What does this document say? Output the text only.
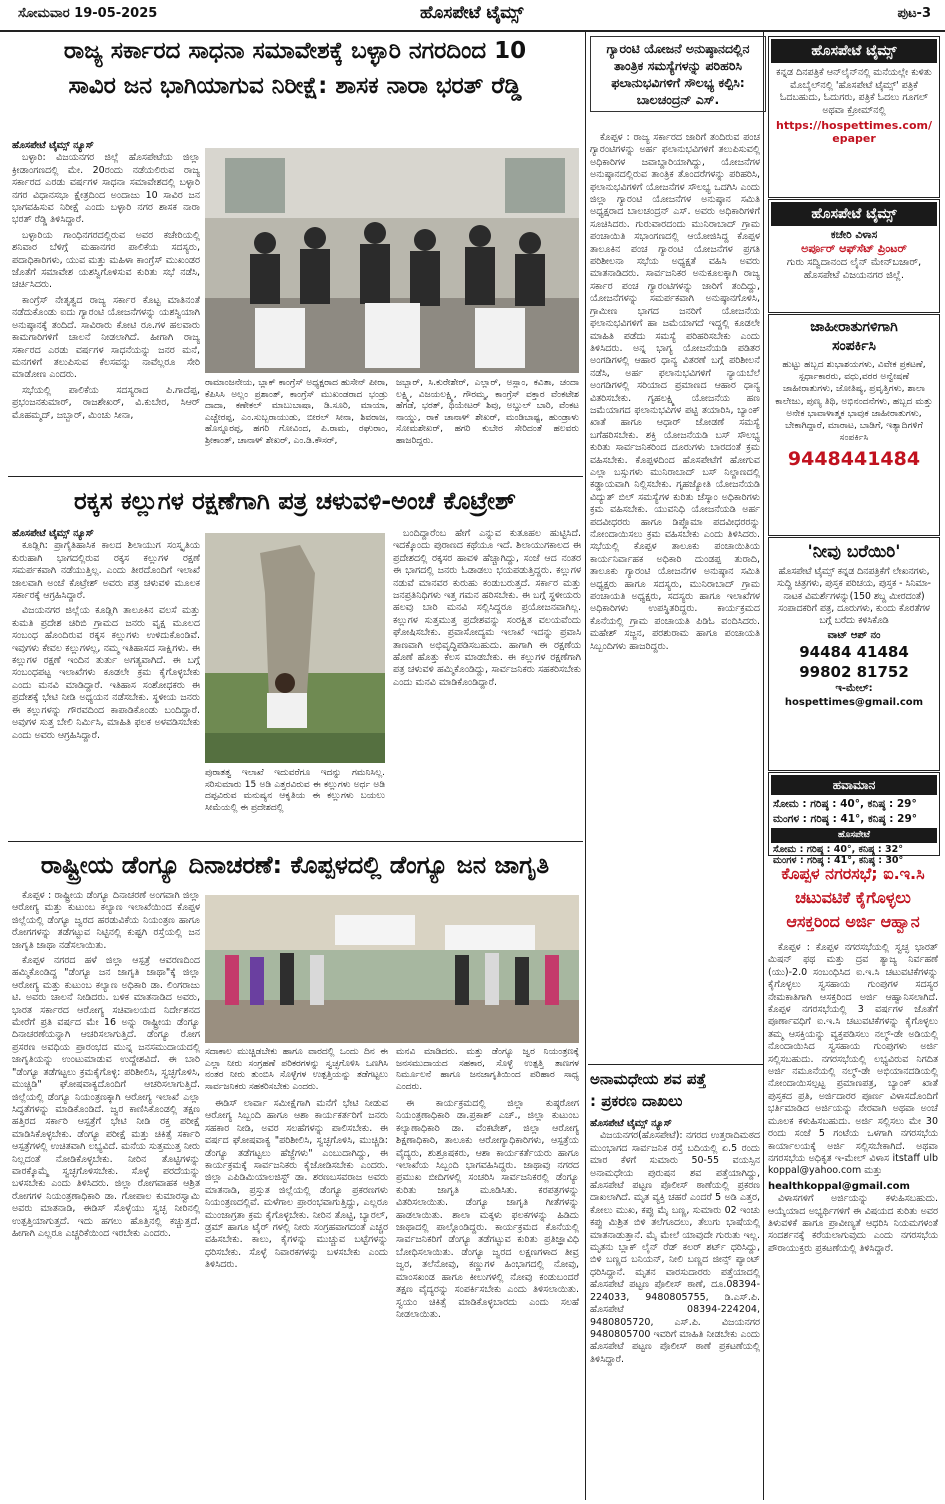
ಸೋಮವಾರ 19-05-2025	ಹೊಸಪೇಟೆ ಟೈಮ್ಸ್	ಪುಟ-3
ರಾಜ್ಯ ಸರ್ಕಾರದ ಸಾಧನಾ ಸಮಾವೇಶಕ್ಕೆ ಬಳ್ಳಾರಿ ನಗರದಿಂದ 10
ಸಾವಿರ ಜನ ಭಾಗಿಯಾಗುವ ನಿರೀಕ್ಷೆ: ಶಾಸಕ ನಾರಾ ಭರತ್ ರೆಡ್ಡಿ
ಹೊಸಪೇಟೆ ಟೈಮ್ಸ್ ನ್ಯೂಸ್

ಬಳ್ಳಾರಿ: ವಿಜಯನಗರ ಜಿಲ್ಲೆ ಹೊಸಪೇಟೆಯ ಜಿಲ್ಲಾ ಕ್ರೀಡಾಂಗಣದಲ್ಲಿ ಮೇ. 20ರಂದು ನಡೆಯಲಿರುವ ರಾಜ್ಯ ಸರ್ಕಾರದ ಎರಡು ವರ್ಷಗಳ ಸಾಧನಾ ಸಮಾವೇಶದಲ್ಲಿ ಬಳ್ಳಾರಿ ನಗರ ವಿಧಾನಸಭಾ ಕ್ಷೇತ್ರದಿಂದ ಅಂದಾಜು 10 ಸಾವಿರ ಜನ ಭಾಗವಹಿಸುವ ನಿರೀಕ್ಷೆ ಎಂದು ಬಳ್ಳಾರಿ ನಗರ ಶಾಸಕ ನಾರಾ ಭರತ್ ರೆಡ್ಡಿ ತಿಳಿಸಿದ್ದಾರೆ.

ಬಳ್ಳಾರಿಯ ಗಾಂಧಿನಗರದಲ್ಲಿರುವ ಅವರ ಕಚೇರಿಯಲ್ಲಿ ಶನಿವಾರ ಬೆಳಿಗ್ಗೆ ಮಹಾನಗರ ಪಾಲಿಕೆಯ ಸದಸ್ಯರು, ಪದಾಧಿಕಾರಿಗಳು, ಯುವ ಮತ್ತು ಮಹಿಳಾ ಕಾಂಗ್ರೆಸ್ ಮುಖಂಡರ ಜೊತೆಗೆ ಸಮಾವೇಶ ಯಶಸ್ವಿಗೊಳಿಸುವ ಕುರಿತು ಸಭೆ ನಡೆಸಿ, ಚರ್ಚಿಸಿದರು.

ಕಾಂಗ್ರೆಸ್ ನೇತೃತ್ವದ ರಾಜ್ಯ ಸರ್ಕಾರ ಕೊಟ್ಟ ಮಾತಿನಂತೆ ನಡೆದುಕೊಂಡು ಐದು ಗ್ಯಾರಂಟಿ ಯೋಜನೆಗಳನ್ನು ಯಶಸ್ವಿಯಾಗಿ ಅನುಷ್ಠಾನಕ್ಕೆ ತಂದಿದೆ. ಸಾವಿರಾರು ಕೋಟಿ ರೂ.ಗಳ ಹಲವಾರು ಕಾಮಗಾರಿಗಳಿಗೆ ಚಾಲನೆ ನೀಡಲಾಗಿದೆ. ಹೀಗಾಗಿ ರಾಜ್ಯ ಸರ್ಕಾರದ ಎರಡು ವರ್ಷಗಳ ಸಾಧನೆಯನ್ನು ಜನರ ಮನೆ, ಮನಗಳಿಗೆ ತಲುಪಿಸುವ ಕೆಲಸವನ್ನು ನಾವೆಲ್ಲರೂ ಸೇರಿ ಮಾಡೋಣ ಎಂದರು.

ಸಭೆಯಲ್ಲಿ ಪಾಲಿಕೆಯ ಸದಸ್ಯರಾದ ಪಿ.ಗಾದೆಪ್ಪ, ಪ್ರಭಂಜನಕುಮಾರ್, ರಾಜಶೇಖರ್, ವಿ.ಕುಬೇರ, ಸಿಆರ್ ಮೊಹಮ್ಮದ್, ಜಬ್ಬಾರ್, ಮಿಂಚು ಸೀನಾ,

ರಾಮಾಂಜನೇಯ, ಬ್ಲಾಕ್ ಕಾಂಗ್ರೆಸ್ ಅಧ್ಯಕ್ಷರಾದ ಹುಸೇನ್ ಪೀರಾ, ಕೆಪಿಸಿಸಿ ಅಲ್ಲಂ ಪ್ರಶಾಂತ್, ಕಾಂಗ್ರೆಸ್ ಮುಖಂಡರಾದ ಭಂಡ್ರು ದಾದಾ, ಕಣೇಕಲ್ ಮಾಬುಬಾಷಾ, ಡಿ.ಸೂರಿ, ಮಾಯಾ, ಎಚ್ಚೇರಪ್ಪ, ಎಂ.ಸುಬ್ಬರಾಯುಡು, ಬೀರಲ್ ಸೀನಾ, ಶಿವರಾಜ, ಹೊನ್ನೂರಪ್ಪ, ಹಗರಿ ಗೋವಿಂದ, ಪಿ.ರಾಮ, ರಘುರಾಂ, ಶ್ರೀಕಾಂತ್, ಚಾನಾಳ್ ಶೇಖರ್, ಎಂ.ಡಿ.ಕೌಸರ್,
ಜಬ್ಬಾರ್, ಸಿ.ಕುರೇಶೇರ್, ಎಲ್ಲಾರ್, ಅಸ್ಲಾಂ, ಕವಿತಾ, ಚಂದಾ ಲಕ್ಷ್ಮಿ, ವಿಜಯಲಕ್ಷ್ಮಿ, ಗೌರಮ್ಮ, ಕಾಂಗ್ರೆಸ್ ವಕ್ತಾರ ವೆಂಕಟೇಶ ಹೆಗಡೆ, ಭರತ್, ಥಿಯೇಟರ್ ಶಿವು, ಅಬ್ದುಲ್ ಬಾರಿ, ವೆಂಕಟ ನಾಯ್ಡು, ರಾಕೆ ಚಾನಾಳ್ ಶೇಖರ್, ಮಂಡಿಬಾಷ್ಟ, ಹುಂಡ್ರಾಳು ಸೋಮಶೇಖರ್, ಹಗರಿ ಕುಬೇರ ಸೇರಿದಂತೆ ಹಲವರು ಹಾಜರಿದ್ದರು.
ರಕ್ಕಸ ಕಲ್ಲುಗಳ ರಕ್ಷಣೆಗಾಗಿ ಪತ್ರ ಚಳುವಳಿ-ಅಂಚೆ ಕೊಟ್ರೇಶ್
ಹೊಸಪೇಟೆ ಟೈಮ್ಸ್ ನ್ಯೂಸ್

ಕೂಡ್ಲಿಗಿ: ಪ್ರಾಗೈತಿಹಾಸಿಕ ಕಾಲದ ಶಿಲಾಯುಗ ಸಂಸ್ಕೃತಿಯ ಕುರುಹಾಗಿ ಭಾಗದಲ್ಲಿರುವ ರಕ್ಕಸ ಕಲ್ಲುಗಳ ರಕ್ಷಣೆ ಸಮರ್ಪಕವಾಗಿ ನಡೆಯುತ್ತಿಲ್ಲ. ಎಂದು ತೀರದೊಂದಿಗೆ ಇಲಾಖೆ ಜಾಲವಾಗಿ ಅಂಚೆ ಕೊಟ್ರೇಶ್ ಅವರು ಪತ್ರ ಚಳುವಳಿ ಮೂಲಕ ಸರ್ಕಾರಕ್ಕೆ ಆಗ್ರಹಿಸಿದ್ದಾರೆ.

ವಿಜಯನಗರ ಜಿಲ್ಲೆಯ ಕೂಡ್ಲಿಗಿ ತಾಲೂಕಿನ ವಲಸೆ ಮತ್ತು ಕುಮತಿ ಪ್ರದೇಶ ಚಿರಿಬಿ ಗ್ರಾಮದ ಜನರು ವೃಕ್ಷ ಮೂಲದ ಸಂಬಂಧ ಹೊಂದಿರುವ ರಕ್ಕಸ ಕಲ್ಲುಗಳು ಉಳಿದುಕೊಂಡಿವೆ. ಇವುಗಳು ಕೇವಲ ಕಲ್ಲುಗಳಲ್ಲ, ನಮ್ಮ ಇತಿಹಾಸದ ಸಾಕ್ಷಿಗಳು. ಈ ಕಲ್ಲುಗಳ ರಕ್ಷಣೆ ಇಂದಿನ ತುರ್ತು ಅಗತ್ಯವಾಗಿದೆ. ಈ ಬಗ್ಗೆ ಸಂಬಂಧಪಟ್ಟ ಇಲಾಖೆಗಳು ಕೂಡಲೇ ಕ್ರಮ ಕೈಗೊಳ್ಳಬೇಕು ಎಂದು ಮನವಿ ಮಾಡಿದ್ದಾರೆ. ಇತಿಹಾಸ ಸಂಶೋಧಕರು ಈ ಪ್ರದೇಶಕ್ಕೆ ಭೇಟಿ ನೀಡಿ ಅಧ್ಯಯನ ನಡೆಸಬೇಕು. ಸ್ಥಳೀಯ ಜನರು ಈ ಕಲ್ಲುಗಳನ್ನು ಗೌರವದಿಂದ ಕಾಪಾಡಿಕೊಂಡು ಬಂದಿದ್ದಾರೆ. ಅವುಗಳ ಸುತ್ತ ಬೇಲಿ ನಿರ್ಮಿಸಿ, ಮಾಹಿತಿ ಫಲಕ ಅಳವಡಿಸಬೇಕು ಎಂದು ಅವರು ಆಗ್ರಹಿಸಿದ್ದಾರೆ.

ಪುರಾತತ್ವ ಇಲಾಖೆ ಇದುವರೆಗೂ ಇದನ್ನು ಗಮನಿಸಿಲ್ಲ. ಸರಿಸುಮಾರು 15 ಅಡಿ ಎತ್ತರವಿರುವ ಈ ಕಲ್ಲುಗಳು ಅರ್ಧ ಅಡಿ ದಪ್ಪವಿರುವ ಮನುಷ್ಯನ ಆಕೃತಿಯ ಈ ಕಲ್ಲುಗಳು ಬಯಲು ಸೀಮೆಯಲ್ಲಿ ಈ ಪ್ರದೇಶದಲ್ಲಿ

ಬಂದಿದ್ದಾರೆಂಬ ಹೇಗೆ ಎನ್ನುವ ಕುತೂಹಲ ಹುಟ್ಟಿಸಿದೆ. ಇದಕ್ಕೊಂದು ಪುರಾಣದ ಕಥೆಯೂ ಇದೆ. ಶಿಲಾಯುಗಕಾಲದ ಈ ಪ್ರದೇಶದಲ್ಲಿ ರಕ್ಕಸರ ಹಾವಳಿ ಹೆಚ್ಚಾಗಿದ್ದು, ಸಂಜೆ ಆದ ನಂತರ ಈ ಭಾಗದಲ್ಲಿ ಜನರು ಓಡಾಡಲು ಭಯಪಡುತ್ತಿದ್ದರು. ಕಲ್ಲುಗಳ ನಡುವೆ ಮಾನವರ ಕುರುಹು ಕಂಡುಬರುತ್ತದೆ. ಸರ್ಕಾರ ಮತ್ತು ಜನಪ್ರತಿನಿಧಿಗಳು ಇತ್ತ ಗಮನ ಹರಿಸಬೇಕು. ಈ ಬಗ್ಗೆ ಸ್ಥಳೀಯರು ಹಲವು ಬಾರಿ ಮನವಿ ಸಲ್ಲಿಸಿದ್ದರೂ ಪ್ರಯೋಜನವಾಗಿಲ್ಲ. ಕಲ್ಲುಗಳ ಸುತ್ತಮುತ್ತ ಪ್ರದೇಶವನ್ನು ಸಂರಕ್ಷಿತ ವಲಯವೆಂದು ಘೋಷಿಸಬೇಕು. ಪ್ರವಾಸೋದ್ಯಮ ಇಲಾಖೆ ಇದನ್ನು ಪ್ರವಾಸಿ ತಾಣವಾಗಿ ಅಭಿವೃದ್ಧಿಪಡಿಸಬಹುದು. ಹಾಗಾಗಿ ಈ ರಕ್ಷಣೆಯ ಹೊಣೆ ಹೊತ್ತು ಕೆಲಸ ಮಾಡಬೇಕು. ಈ ಕಲ್ಲುಗಳ ರಕ್ಷಣೆಗಾಗಿ ಪತ್ರ ಚಳುವಳಿ ಹಮ್ಮಿಕೊಂಡಿದ್ದು, ಸಾರ್ವಜನಿಕರು ಸಹಕರಿಸಬೇಕು ಎಂದು ಮನವಿ ಮಾಡಿಕೊಂಡಿದ್ದಾರೆ.

ರಾಷ್ಟ್ರೀಯ ಡೆಂಗ್ಯೂ ದಿನಾಚರಣೆ: ಕೊಪ್ಪಳದಲ್ಲಿ ಡೆಂಗ್ಯೂ ಜನ ಜಾಗೃತಿ

ಕೊಪ್ಪಳ : ರಾಷ್ಟ್ರೀಯ ಡೆಂಗ್ಯೂ ದಿನಾಚರಣೆ ಅಂಗವಾಗಿ ಜಿಲ್ಲಾ ಆರೋಗ್ಯ ಮತ್ತು ಕುಟುಂಬ ಕಲ್ಯಾಣ ಇಲಾಖೆಯಿಂದ ಕೊಪ್ಪಳ ಜಿಲ್ಲೆಯಲ್ಲಿ ಡೆಂಗ್ಯೂ ಜ್ವರದ ಹರಡುವಿಕೆಯ ನಿಯಂತ್ರಣ ಹಾಗೂ ರೋಗಗಳನ್ನು ತಡೆಗಟ್ಟುವ ನಿಟ್ಟಿನಲ್ಲಿ ಕುಷ್ಟಗಿ ರಸ್ತೆಯಲ್ಲಿ ಜನ ಜಾಗೃತಿ ಜಾಥಾ ನಡೆಸಲಾಯಿತು.

ಕೊಪ್ಪಳ ನಗರದ ಹಳೆ ಜಿಲ್ಲಾ ಆಸ್ಪತ್ರೆ ಆವರಣದಿಂದ ಹಮ್ಮಿಕೊಂಡಿದ್ದ "ಡೆಂಗ್ಯೂ ಜನ ಜಾಗೃತಿ ಜಾಥಾ"ಕ್ಕೆ ಜಿಲ್ಲಾ ಆರೋಗ್ಯ ಮತ್ತು ಕುಟುಂಬ ಕಲ್ಯಾಣ ಅಧಿಕಾರಿ ಡಾ. ಲಿಂಗರಾಜು ಟಿ. ಅವರು ಚಾಲನೆ ನೀಡಿದರು. ಬಳಿಕ ಮಾತನಾಡಿದ ಅವರು, ಭಾರತ ಸರ್ಕಾರದ ಆರೋಗ್ಯ ಸಚಿವಾಲಯದ ನಿರ್ದೇಶನದ ಮೇರೆಗೆ ಪ್ರತಿ ವರ್ಷದ ಮೇ 16 ಅನ್ನು ರಾಷ್ಟ್ರೀಯ ಡೆಂಗ್ಯೂ ದಿನಾಚರಣೆಯನ್ನಾಗಿ ಆಚರಿಸಲಾಗುತ್ತಿದೆ. ಡೆಂಗ್ಯೂ ರೋಗ ಪ್ರಸರಣ ಅವಧಿಯ ಪ್ರಾರಂಭದ ಮುನ್ನ ಜನಸಮುದಾಯದಲ್ಲಿ ಜಾಗೃತಿಯನ್ನು ಉಂಟುಮಾಡುವ ಉದ್ದೇಶವಿದೆ. ಈ ಬಾರಿ "ಡೆಂಗ್ಯೂ ತಡೆಗಟ್ಟಲು ಕ್ರಮಕೈಗೊಳ್ಳಿ: ಪರಿಶೀಲಿಸಿ, ಸ್ವಚ್ಛಗೊಳಿಸಿ, ಮುಚ್ಚಿಡಿ" ಘೋಷವಾಕ್ಯದೊಂದಿಗೆ ಆಚರಿಸಲಾಗುತ್ತಿದೆ. ಜಿಲ್ಲೆಯಲ್ಲಿ ಡೆಂಗ್ಯೂ ನಿಯಂತ್ರಣಕ್ಕಾಗಿ ಆರೋಗ್ಯ ಇಲಾಖೆ ಎಲ್ಲಾ ಸಿದ್ಧತೆಗಳನ್ನು ಮಾಡಿಕೊಂಡಿದೆ. ಜ್ವರ ಕಾಣಿಸಿಕೊಂಡಲ್ಲಿ ತಕ್ಷಣ ಹತ್ತಿರದ ಸರ್ಕಾರಿ ಆಸ್ಪತ್ರೆಗೆ ಭೇಟಿ ನೀಡಿ ರಕ್ತ ಪರೀಕ್ಷೆ ಮಾಡಿಸಿಕೊಳ್ಳಬೇಕು. ಡೆಂಗ್ಯೂ ಪರೀಕ್ಷೆ ಮತ್ತು ಚಿಕಿತ್ಸೆ ಸರ್ಕಾರಿ ಆಸ್ಪತ್ರೆಗಳಲ್ಲಿ ಉಚಿತವಾಗಿ ಲಭ್ಯವಿದೆ. ಮನೆಯ ಸುತ್ತಮುತ್ತ ನೀರು ನಿಲ್ಲದಂತೆ ನೋಡಿಕೊಳ್ಳಬೇಕು. ನೀರಿನ ತೊಟ್ಟಿಗಳನ್ನು ವಾರಕ್ಕೊಮ್ಮೆ ಸ್ವಚ್ಛಗೊಳಿಸಬೇಕು. ಸೊಳ್ಳೆ ಪರದೆಯನ್ನು ಬಳಸಬೇಕು ಎಂದು ತಿಳಿಸಿದರು. ಜಿಲ್ಲಾ ರೋಗವಾಹಕ ಆಶ್ರಿತ ರೋಗಗಳ ನಿಯಂತ್ರಣಾಧಿಕಾರಿ ಡಾ. ಗೋಪಾಲ ಕುಮಾರಸ್ವಾಮಿ ಅವರು ಮಾತನಾಡಿ, ಈಡಿಸ್ ಸೊಳ್ಳೆಯು ಸ್ವಚ್ಛ ನೀರಿನಲ್ಲಿ ಉತ್ಪತ್ತಿಯಾಗುತ್ತದೆ. ಇದು ಹಗಲು ಹೊತ್ತಿನಲ್ಲಿ ಕಚ್ಚುತ್ತದೆ. ಹೀಗಾಗಿ ಎಲ್ಲರೂ ಎಚ್ಚರಿಕೆಯಿಂದ ಇರಬೇಕು ಎಂದರು.

ಸದಾಕಾಲ ಮುಚ್ಚಿಡಬೇಕು ಹಾಗೂ ವಾರದಲ್ಲಿ ಒಂದು ದಿನ ಈ ಎಲ್ಲಾ ನೀರು ಸಂಗ್ರಹಣೆ ಪರಿಕರಗಳನ್ನು ಸ್ವಚ್ಛಗೊಳಿಸಿ ಒಣಗಿಸಿ ನಂತರ ನೀರು ತುಂಬಿಸಿ ಸೊಳ್ಳೆಗಳ ಉತ್ಪತ್ತಿಯನ್ನು ತಡೆಗಟ್ಟಲು ಸಾರ್ವಜನಿಕರು ಸಹಕರಿಸಬೇಕು ಎಂದರು.
ಮನವಿ ಮಾಡಿದರು. ಮತ್ತು ಡೆಂಗ್ಯೂ ಜ್ವರ ನಿಯಂತ್ರಣಕ್ಕೆ ಜನಸಮುದಾಯದ ಸಹಕಾರ, ಸೊಳ್ಳೆ ಉತ್ಪತ್ತಿ ತಾಣಗಳ ನಿರ್ಮೂಲನೆ ಹಾಗೂ ಜನಜಾಗೃತಿಯಿಂದ ಪರಿಹಾರ ಸಾಧ್ಯ ಎಂದರು.

ಈಡಿಸ್ ಲಾರ್ವಾ ಸಮೀಕ್ಷೆಗಾಗಿ ಮನೆಗೆ ಭೇಟಿ ನೀಡುವ ಆರೋಗ್ಯ ಸಿಬ್ಬಂದಿ ಹಾಗೂ ಆಶಾ ಕಾರ್ಯಕರ್ತರಿಗೆ ಜನರು ಸಹಕಾರ ನೀಡಿ, ಅವರ ಸಲಹೆಗಳನ್ನು ಪಾಲಿಸಬೇಕು. ಈ ವರ್ಷದ ಘೋಷವಾಕ್ಯ "ಪರಿಶೀಲಿಸಿ, ಸ್ವಚ್ಛಗೊಳಿಸಿ, ಮುಚ್ಚಿಡಿ: ಡೆಂಗ್ಯೂ ತಡೆಗಟ್ಟಲು ಹೆಜ್ಜೆಗಳು" ಎಂಬುದಾಗಿದ್ದು, ಈ ಕಾರ್ಯಕ್ರಮಕ್ಕೆ ಸಾರ್ವಜನಿಕರು ಕೈಜೋಡಿಸಬೇಕು ಎಂದರು. ಜಿಲ್ಲಾ ಎಪಿಡಿಮಿಯಾಲಜಿಸ್ಟ್ ಡಾ. ಶರಣಬಸವರಾಜ ಅವರು ಮಾತನಾಡಿ, ಪ್ರಸ್ತುತ ಜಿಲ್ಲೆಯಲ್ಲಿ ಡೆಂಗ್ಯೂ ಪ್ರಕರಣಗಳು ನಿಯಂತ್ರಣದಲ್ಲಿವೆ. ಮಳೆಗಾಲ ಪ್ರಾರಂಭವಾಗುತ್ತಿದ್ದು, ಎಲ್ಲರೂ ಮುಂಜಾಗ್ರತಾ ಕ್ರಮ ಕೈಗೊಳ್ಳಬೇಕು. ನೀರಿನ ತೊಟ್ಟಿ, ಬ್ಯಾರಲ್, ಡ್ರಮ್ ಹಾಗೂ ಟೈರ್ ಗಳಲ್ಲಿ ನೀರು ಸಂಗ್ರಹವಾಗದಂತೆ ಎಚ್ಚರ ವಹಿಸಬೇಕು. ಕಾಲು, ಕೈಗಳನ್ನು ಮುಚ್ಚುವ ಬಟ್ಟೆಗಳನ್ನು ಧರಿಸಬೇಕು. ಸೊಳ್ಳೆ ನಿವಾರಕಗಳನ್ನು ಬಳಸಬೇಕು ಎಂದು ತಿಳಿಸಿದರು.

ಈ ಕಾರ್ಯಕ್ರಮದಲ್ಲಿ ಜಿಲ್ಲಾ ಕುಷ್ಠರೋಗ ನಿಯಂತ್ರಣಾಧಿಕಾರಿ ಡಾ.ಪ್ರಕಾಶ್ ಎಚ್., ಜಿಲ್ಲಾ ಕುಟುಂಬ ಕಲ್ಯಾಣಾಧಿಕಾರಿ ಡಾ. ವೆಂಕಟೇಶ್, ಜಿಲ್ಲಾ ಆರೋಗ್ಯ ಶಿಕ್ಷಣಾಧಿಕಾರಿ, ತಾಲೂಕು ಆರೋಗ್ಯಾಧಿಕಾರಿಗಳು, ಆಸ್ಪತ್ರೆಯ ವೈದ್ಯರು, ಶುಶ್ರೂಷಕರು, ಆಶಾ ಕಾರ್ಯಕರ್ತೆಯರು ಹಾಗೂ ಇಲಾಖೆಯ ಸಿಬ್ಬಂದಿ ಭಾಗವಹಿಸಿದ್ದರು. ಜಾಥಾವು ನಗರದ ಪ್ರಮುಖ ಬೀದಿಗಳಲ್ಲಿ ಸಂಚರಿಸಿ ಸಾರ್ವಜನಿಕರಲ್ಲಿ ಡೆಂಗ್ಯೂ ಕುರಿತು ಜಾಗೃತಿ ಮೂಡಿಸಿತು. ಕರಪತ್ರಗಳನ್ನು ವಿತರಿಸಲಾಯಿತು. ಡೆಂಗ್ಯೂ ಜಾಗೃತಿ ಗೀತೆಗಳನ್ನು ಹಾಡಲಾಯಿತು. ಶಾಲಾ ಮಕ್ಕಳು ಫಲಕಗಳನ್ನು ಹಿಡಿದು ಜಾಥಾದಲ್ಲಿ ಪಾಲ್ಗೊಂಡಿದ್ದರು. ಕಾರ್ಯಕ್ರಮದ ಕೊನೆಯಲ್ಲಿ ಸಾರ್ವಜನಿಕರಿಗೆ ಡೆಂಗ್ಯೂ ತಡೆಗಟ್ಟುವ ಕುರಿತು ಪ್ರತಿಜ್ಞಾವಿಧಿ ಬೋಧಿಸಲಾಯಿತು. ಡೆಂಗ್ಯೂ ಜ್ವರದ ಲಕ್ಷಣಗಳಾದ ತೀವ್ರ ಜ್ವರ, ತಲೆನೋವು, ಕಣ್ಣುಗಳ ಹಿಂಭಾಗದಲ್ಲಿ ನೋವು, ಮಾಂಸಖಂಡ ಹಾಗೂ ಕೀಲುಗಳಲ್ಲಿ ನೋವು ಕಂಡುಬಂದರೆ ತಕ್ಷಣ ವೈದ್ಯರನ್ನು ಸಂಪರ್ಕಿಸಬೇಕು ಎಂದು ತಿಳಿಸಲಾಯಿತು. ಸ್ವಯಂ ಚಿಕಿತ್ಸೆ ಮಾಡಿಕೊಳ್ಳಬಾರದು ಎಂದು ಸಲಹೆ ನೀಡಲಾಯಿತು.

ಗ್ಯಾರಂಟಿ ಯೋಜನೆ ಅನುಷ್ಠಾನದಲ್ಲಿನ ತಾಂತ್ರಿಕ ಸಮಸ್ಯೆಗಳನ್ನು ಪರಿಹರಿಸಿ ಫಲಾನುಭವಿಗಳಿಗೆ ಸೌಲಭ್ಯ ಕಲ್ಪಿಸಿ: ಬಾಲಚಂದ್ರನ್ ಎಸ್.

ಕೊಪ್ಪಳ : ರಾಜ್ಯ ಸರ್ಕಾರದ ಜಾರಿಗೆ ತಂದಿರುವ ಪಂಚ ಗ್ಯಾರಂಟಿಗಳನ್ನು ಅರ್ಹ ಫಲಾನುಭವಿಗಳಿಗೆ ತಲುಪಿಸುವಲ್ಲಿ ಅಧಿಕಾರಿಗಳ ಜವಾಬ್ದಾರಿಯಾಗಿದ್ದು, ಯೋಜನೆಗಳ ಅನುಷ್ಠಾನದಲ್ಲಿರುವ ತಾಂತ್ರಿಕ ತೊಂದರೆಗಳನ್ನು ಪರಿಹರಿಸಿ, ಫಲಾನುಭವಿಗಳಿಗೆ ಯೋಜನೆಗಳ ಸೌಲಭ್ಯ ಒದಗಿಸಿ ಎಂದು ಜಿಲ್ಲಾ ಗ್ಯಾರಂಟಿ ಯೋಜನೆಗಳ ಅನುಷ್ಠಾನ ಸಮಿತಿ ಅಧ್ಯಕ್ಷರಾದ ಬಾಲಚಂದ್ರನ್ ಎಸ್. ಅವರು ಅಧಿಕಾರಿಗಳಿಗೆ ಸೂಚಿಸಿದರು. ಗುರುವಾರದಂದು ಮುನಿರಾಬಾದ್ ಗ್ರಾಮ ಪಂಚಾಯಿತಿ ಸಭಾಂಗಣದಲ್ಲಿ ಆಯೋಜಿಸಿದ್ದ ಕೊಪ್ಪಳ ತಾಲೂಕಿನ ಪಂಚ ಗ್ಯಾರಂಟಿ ಯೋಜನೆಗಳ ಪ್ರಗತಿ ಪರಿಶೀಲನಾ ಸಭೆಯ ಅಧ್ಯಕ್ಷತೆ ವಹಿಸಿ ಅವರು ಮಾತನಾಡಿದರು. ಸಾರ್ವಜನಿಕರ ಅನುಕೂಲಕ್ಕಾಗಿ ರಾಜ್ಯ ಸರ್ಕಾರ ಪಂಚ ಗ್ಯಾರಂಟಿಗಳನ್ನು ಜಾರಿಗೆ ತಂದಿದ್ದು, ಯೋಜನೆಗಳನ್ನು ಸಮರ್ಪಕವಾಗಿ ಅನುಷ್ಠಾನಗೊಳಿಸಿ, ಗ್ರಾಮೀಣ ಭಾಗದ ಜನರಿಗೆ ಯೋಜನೆಯ ಫಲಾನುಭವಿಗಳಿಗೆ ಹಾ ಜಮೆಯಾಗದೆ ಇದ್ದಲ್ಲಿ ಕೂಡಲೇ ಮಾಹಿತಿ ಪಡೆದು ಸಮಸ್ಯೆ ಪರಿಹರಿಸಬೇಕು ಎಂದು ತಿಳಿಸಿದರು. ಅನ್ನ ಭಾಗ್ಯ ಯೋಜನೆಯಡಿ ಪಡಿತರ ಅಂಗಡಿಗಳಲ್ಲಿ ಆಹಾರ ಧಾನ್ಯ ವಿತರಣೆ ಬಗ್ಗೆ ಪರಿಶೀಲನೆ ನಡೆಸಿ, ಅರ್ಹ ಫಲಾನುಭವಿಗಳಿಗೆ ನ್ಯಾಯಬೆಲೆ ಅಂಗಡಿಗಳಲ್ಲಿ ಸರಿಯಾದ ಪ್ರಮಾಣದ ಆಹಾರ ಧಾನ್ಯ ವಿತರಿಸಬೇಕು. ಗೃಹಲಕ್ಷ್ಮಿ ಯೋಜನೆಯ ಹಣ ಜಮೆಯಾಗದ ಫಲಾನುಭವಿಗಳ ಪಟ್ಟಿ ತಯಾರಿಸಿ, ಬ್ಯಾಂಕ್ ಖಾತೆ ಹಾಗೂ ಆಧಾರ್ ಜೋಡಣೆ ಸಮಸ್ಯೆ ಬಗೆಹರಿಸಬೇಕು. ಶಕ್ತಿ ಯೋಜನೆಯಡಿ ಬಸ್ ಸೌಲಭ್ಯ ಕುರಿತು ಸಾರ್ವಜನಿಕರಿಂದ ದೂರುಗಳು ಬಾರದಂತೆ ಕ್ರಮ ವಹಿಸಬೇಕು. ಕೊಪ್ಪಳದಿಂದ ಹೊಸಪೇಟೆಗೆ ಹೋಗುವ ಎಲ್ಲಾ ಬಸ್ಸುಗಳು ಮುನಿರಾಬಾದ್ ಬಸ್ ನಿಲ್ದಾಣದಲ್ಲಿ ಕಡ್ಡಾಯವಾಗಿ ನಿಲ್ಲಿಸಬೇಕು. ಗೃಹಜ್ಯೋತಿ ಯೋಜನೆಯಡಿ ವಿದ್ಯುತ್ ಬಿಲ್ ಸಮಸ್ಯೆಗಳ ಕುರಿತು ಜೆಸ್ಕಾಂ ಅಧಿಕಾರಿಗಳು ಕ್ರಮ ವಹಿಸಬೇಕು. ಯುವನಿಧಿ ಯೋಜನೆಯಡಿ ಅರ್ಹ ಪದವೀಧರರು ಹಾಗೂ ಡಿಪ್ಲೊಮಾ ಪದವೀಧರರನ್ನು ನೋಂದಾಯಿಸಲು ಕ್ರಮ ವಹಿಸಬೇಕು ಎಂದು ತಿಳಿಸಿದರು. ಸಭೆಯಲ್ಲಿ ಕೊಪ್ಪಳ ತಾಲೂಕು ಪಂಚಾಯಿತಿಯ ಕಾರ್ಯನಿರ್ವಾಹಕ ಅಧಿಕಾರಿ ದುಂಡಪ್ಪ ತುರಾದಿ, ತಾಲೂಕು ಗ್ಯಾರಂಟಿ ಯೋಜನೆಗಳ ಅನುಷ್ಠಾನ ಸಮಿತಿ ಅಧ್ಯಕ್ಷರು ಹಾಗೂ ಸದಸ್ಯರು, ಮುನಿರಾಬಾದ್ ಗ್ರಾಮ ಪಂಚಾಯತಿ ಅಧ್ಯಕ್ಷರು, ಸದಸ್ಯರು ಹಾಗೂ ಇಲಾಖೆಗಳ ಅಧಿಕಾರಿಗಳು ಉಪಸ್ಥಿತರಿದ್ದರು. ಕಾರ್ಯಕ್ರಮದ ಕೊನೆಯಲ್ಲಿ ಗ್ರಾಮ ಪಂಚಾಯತಿ ಪಿಡಿಓ ವಂದಿಸಿದರು. ಮಹೇಶ್ ಸಜ್ಜನ, ಪರಶುರಾಮ ಹಾಗೂ ಪಂಚಾಯತಿ ಸಿಬ್ಬಂದಿಗಳು ಹಾಜರಿದ್ದರು.

ಅನಾಮಧೇಯ ಶವ ಪತ್ತೆ
: ಪ್ರಕರಣ ದಾಖಲು
ಹೊಸಪೇಟೆ ಟೈಮ್ಸ್ ನ್ಯೂಸ್

ವಿಜಯನಗರ(ಹೊಸಪೇಟೆ): ನಗರದ ಉತ್ತರಾದಿಮಠದ ಮುಂಭಾಗದ ಸಾರ್ವಜನಿಕ ರಸ್ತೆ ಬದಿಯಲ್ಲಿ ಏ.5 ರಂದು ಮಾರ ಕೆಳಗೆ ಸುಮಾರು 50-55 ವಯಸ್ಸಿನ ಅನಾಮಧೇಯ ಪುರುಷನ ಶವ ಪತ್ತೆಯಾಗಿದ್ದು, ಹೊಸಪೇಟೆ ಪಟ್ಟಣ ಪೊಲೀಸ್ ಠಾಣೆಯಲ್ಲಿ ಪ್ರಕರಣ ದಾಖಲಾಗಿದೆ. ಮೃತ ವ್ಯಕ್ತಿ ಚಹರೆ ಎಂದರೆ 5 ಅಡಿ ಎತ್ತರ, ಕೋಲು ಮುಖ, ಕಪ್ಪು ಮೈ ಬಣ್ಣ, ಸುಮಾರು 02 ಇಂಚು ಕಪ್ಪು ಮಿಶ್ರಿತ ಬಿಳಿ ತಲೆಗೂದಲು, ತೆಲುಗು ಭಾಷೆಯಲ್ಲಿ ಮಾತನಾಡುತ್ತಾನೆ. ಮೈ ಮೇಲೆ ಯಾವುದೇ ಗುರುತು ಇಲ್ಲ. ಮೃತನು ಬ್ಲಾಕ್ ಲೈನ್ ರೆಡ್ ಕಲರ್ ಶರ್ಟ್ ಧರಿಸಿದ್ದು, ಬಿಳಿ ಬಣ್ಣದ ಬನಿಯನ್, ನೀಲಿ ಬಣ್ಣದ ಜೀನ್ಸ್ ಪ್ಯಾಂಟ್ ಧರಿಸಿದ್ದಾನೆ. ಮೃತನ ವಾರಸುದಾರರು ಪತ್ತೆಯಾದಲ್ಲಿ ಹೊಸಪೇಟೆ ಪಟ್ಟಣ ಪೊಲೀಸ್ ಠಾಣೆ, ದೂ.08394-224033, 9480805755, ಡಿ.ಎಸ್.ಪಿ. ಹೊಸಪೇಟೆ 08394-224204, 9480805720, ಎಸ್.ಪಿ. ವಿಜಯನಗರ 9480805700 ಇವರಿಗೆ ಮಾಹಿತಿ ನೀಡಬೇಕು ಎಂದು ಹೊಸಪೇಟೆ ಪಟ್ಟಣ ಪೊಲೀಸ್ ಠಾಣೆ ಪ್ರಕಟಣೆಯಲ್ಲಿ ತಿಳಿಸಿದ್ದಾರೆ.

ಹೊಸಪೇಟೆ ಟೈಮ್ಸ್
ಕನ್ನಡ ದಿನಪತ್ರಿಕೆ ಆನ್‌ಲೈನ್‌ನಲ್ಲಿ ಮನೆಯಲ್ಲೇ ಕುಳಿತು ಮೊಬೈಲ್‌ನಲ್ಲಿ 'ಹೊಸಪೇಟೆ ಟೈಮ್ಸ್' ಪತ್ರಿಕೆ ಓದಬಹುದು, ಓದುಗರು, ಪತ್ರಿಕೆ ಓದಲು ಗೂಗಲ್ ಅಥವಾ ಕ್ರೋಮ್‌ನಲ್ಲಿ
https://hospettimes.com/
epaper
ಹೊಸಪೇಟೆ ಟೈಮ್ಸ್
ಕಚೇರಿ ವಿಳಾಸ
ಅರ್ಪೂರ್ ಆಫ್‌ಸೆಟ್ ಪ್ರಿಂಟರ್
ಗುರು ಸದ್ವಿದಾನಂದ ಲೈನ್ ಮೇನ್‌ಬಜಾರ್, ಹೊಸಪೇಟೆ ವಿಜಯನಗರ ಜಿಲ್ಲೆ.
ಜಾಹೀರಾತುಗಳಿಗಾಗಿ
ಸಂಪರ್ಕಿಸಿ
ಹುಟ್ಟು ಹಬ್ಬದ ಶುಭಾಶಯಗಳು, ವಿವೇಕ ಪ್ರಕಟಣೆ, ಸ್ಪರ್ಧಾಕಾರರು, ವಧು,ವರರ ಅನ್ವೇಷಣೆ ಜಾಹೀರಾತುಗಳು, ಜೋತಿಷ್ಯ, ಪ್ರವೃತ್ತಿಗಳು, ಶಾಲಾ ಕಾಲೇಜು, ಪುಣ್ಯ ತಿಥಿ, ಅಭಿನಂದನೆಗಳು, ಹಬ್ಬದ ಮತ್ತು ಅನೇಕ ಭಾವಾಳಾತ್ಮಕ ಭಾವುಕ ಜಾಹೀರಾತುಗಳು, ಬೇಕಾಗಿದ್ದಾರೆ, ಮಾರಾಟ, ಬಾಡಿಗೆ, ಇತ್ಯಾದಿಗಳಿಗೆ ಸಂಪರ್ಕಿಸಿ
9448441484
'ನೀವು ಬರೆಯಿರಿ'
ಹೊಸಪೇಟೆ ಟೈಮ್ಸ್ ಕನ್ನಡ ದಿನಪತ್ರಿಕೆಗೆ ಲೇಖನಗಳು, ಸುದ್ದಿ ಚಿತ್ರಗಳು, ಪುಸ್ತಕ ಪರಿಚಯ, ಪುಸ್ತಕ - ಸಿನಿಮಾ-ನಾಟಕ ವಿಮರ್ಶೆಗಳನ್ನು(150 ಶಬ್ದ ಮೀರದಂತೆ) ಸಂಪಾದಕರಿಗೆ ಪತ್ರ, ದೂರುಗಳು, ಕುಂದು ಕೊರತೆಗಳ ಬಗ್ಗೆ ಬರೆದು ಕಳಿಸಿಕೊಡಿ
ವಾಟ್ ಆಪ್ ನಂ
94484 41484
99802 81752
ಇ-ಮೇಲ್: hospettimes@gmail.com
ಹವಾಮಾನ
ಸೋಮ : ಗರಿಷ್ಠ : 40°, ಕನಿಷ್ಠ : 29°
ಮಂಗಳ : ಗರಿಷ್ಠ : 41°, ಕನಿಷ್ಠ : 29°
ಹೊಸಪೇಟೆ
ಸೋಮ : ಗರಿಷ್ಠ : 40°, ಕನಿಷ್ಠ : 32°
ಮಂಗಳ : ಗರಿಷ್ಠ : 41°, ಕನಿಷ್ಠ : 30°
ಕೊಪ್ಪಳ ನಗರಸಭೆ; ಐ.ಇ.ಸಿ ಚಟುವಟಿಕೆ ಕೈಗೊಳ್ಳಲು ಆಸಕ್ತರಿಂದ ಅರ್ಜಿ ಆಹ್ವಾನ

ಕೊಪ್ಪಳ : ಕೊಪ್ಪಳ ನಗರಸಭೆಯಲ್ಲಿ ಸ್ವಚ್ಛ ಭಾರತ್ ಮಿಷನ್ ಫಥ ಮತ್ತು ದ್ರವ ತ್ಯಾಜ್ಯ ನಿರ್ವಹಣೆ (ಯು)-2.0 ಸಂಬಂಧಿಸಿದ ಐ.ಇ.ಸಿ ಚಟುವಟಿಕೆಗಳನ್ನು ಕೈಗೊಳ್ಳಲು ಸ್ವಸಹಾಯ ಗುಂಪುಗಳ ಸದಸ್ಯರ ನೇಮಕಾತಿಗಾಗಿ ಆಸಕ್ತರಿಂದ ಅರ್ಜಿ ಆಹ್ವಾನಿಸಲಾಗಿದೆ. ಕೊಪ್ಪಳ ನಗರಸಭೆಯಲ್ಲಿ 3 ವರ್ಷಗಳ ಜೊತೆಗೆ ಪೂರ್ಣಾವಧಿಗೆ ಐ.ಇ.ಸಿ ಚಟುವಟಿಕೆಗಳನ್ನು ಕೈಗೊಳ್ಳಲು ತಮ್ಮ ಆಸಕ್ತಿಯನ್ನು ವ್ಯಕ್ತಪಡಿಸಲು ನಲ್ಮ್-ಡೇ ಅಡಿಯಲ್ಲಿ ನೊಂದಾಯಿಸಿದ ಸ್ವಸಹಾಯ ಗುಂಪುಗಳು ಅರ್ಜಿ ಸಲ್ಲಿಸಬಹುದು. ನಗರಸಭೆಯಲ್ಲಿ ಲಭ್ಯವಿರುವ ನಿಗದಿತ ಅರ್ಜಿ ನಮೂನೆಯಲ್ಲಿ ನಲ್ಮ್-ಡೇ ಅಭಿಯಾನದಡಿಯಲ್ಲಿ ನೋಂದಾಯಿಸಲ್ಪಟ್ಟ ಪ್ರಮಾಣಪತ್ರ, ಬ್ಯಾಂಕ್ ಖಾತೆ ಪುಸ್ತಕದ ಪ್ರತಿ, ಅರ್ಜಿದಾರರ ಪೂರ್ಣ ವಿಳಾಸದೊಂದಿಗೆ ಭರ್ತಿಮಾಡಿದ ಅರ್ಜಿಯನ್ನು ನೇರವಾಗಿ ಅಥವಾ ಅಂಚೆ ಮೂಲಕ ಕಳುಹಿಸಬಹುದು. ಅರ್ಜಿ ಸಲ್ಲಿಸಲು ಮೇ 30 ರಂದು ಸಂಜೆ 5 ಗಂಟೆಯ ಒಳಗಾಗಿ ನಗರಸಭೆಯ ಕಾರ್ಯಾಲಯಕ್ಕೆ ಅರ್ಜಿ ಸಲ್ಲಿಸಬೇಕಾಗಿದೆ. ಅಥವಾ ನಗರಸಭೆಯ ಅಧಿಕೃತ ಇ-ಮೇಲ್ ವಿಳಾಸ itstaff ulb koppal@yahoo.com ಮತ್ತು

healthkoppal@gmail.com

ವಿಳಾಸಗಳಿಗೆ ಅರ್ಜಿಯನ್ನು ಕಳುಹಿಸಬಹುದು. ಆಯ್ಕೆಯಾದ ಅಭ್ಯರ್ಥಿಗಳಿಗೆ ಈ ವಿಷಯದ ಕುರಿತು ಅವರ ತಿಳುವಳಿಕೆ ಹಾಗೂ ಪ್ರಾವೀಣ್ಯತೆ ಆಧರಿಸಿ ನಿಯಮಗಳಂತೆ ಸಂದರ್ಶನಕ್ಕೆ ಕರೆಯಲಾಗುವುದು ಎಂದು ನಗರಸಭೆಯ ಪೌರಾಯುಕ್ತರು ಪ್ರಕಟಣೆಯಲ್ಲಿ ತಿಳಿಸಿದ್ದಾರೆ.
